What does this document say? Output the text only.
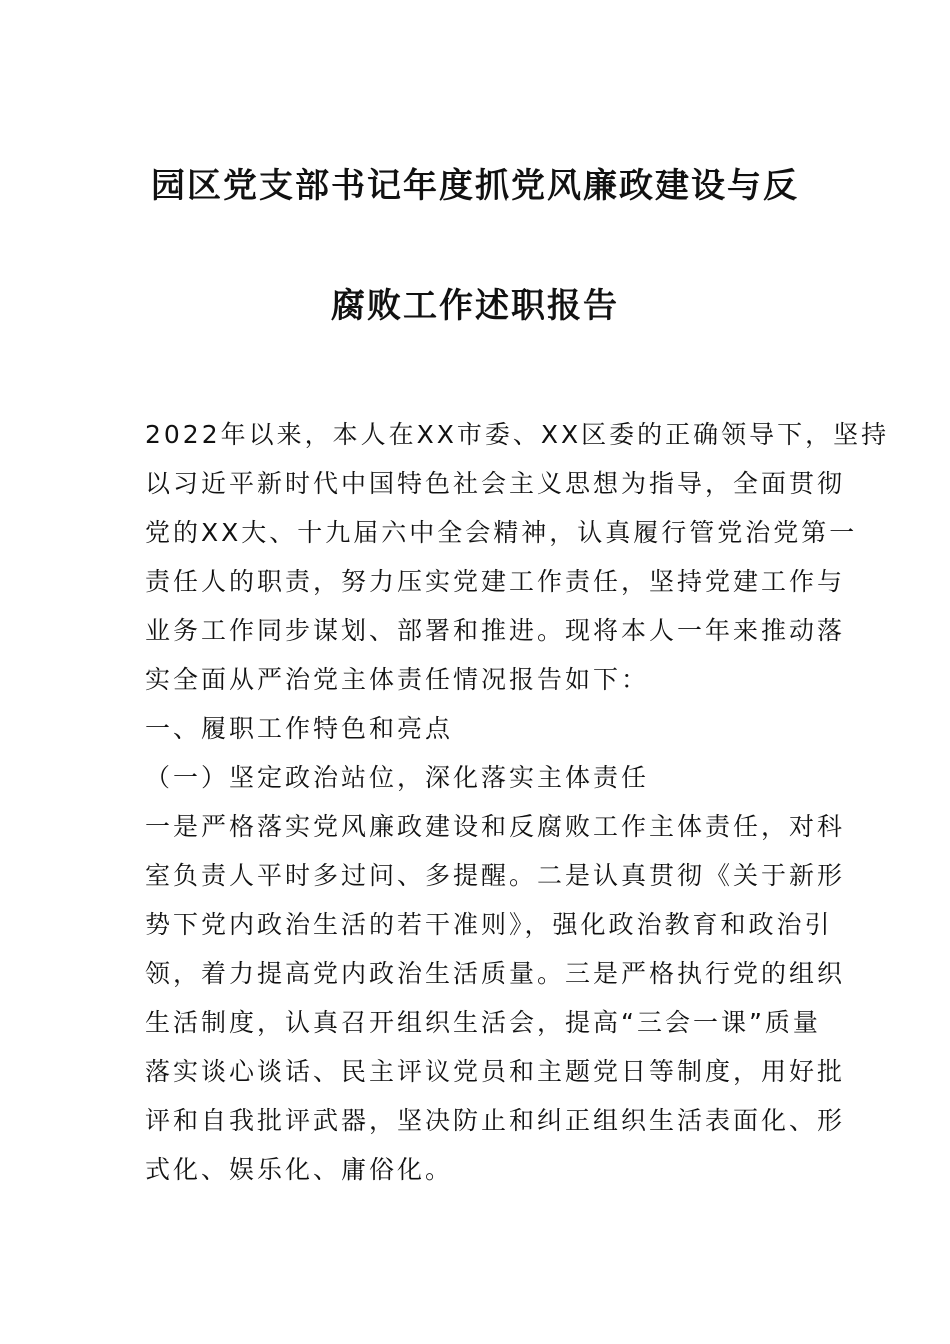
园区党支部书记年度抓党风廉政建设与反
腐败工作述职报告

2022年以来，本人在XX市委、XX区委的正确领导下，坚持

以习近平新时代中国特色社会主义思想为指导，全面贯彻

党的XX大、十九届六中全会精神，认真履行管党治党第一

责任人的职责，努力压实党建工作责任，坚持党建工作与

业务工作同步谋划、部署和推进。现将本人一年来推动落

实全面从严治党主体责任情况报告如下：

一、履职工作特色和亮点

（一）坚定政治站位，深化落实主体责任

一是严格落实党风廉政建设和反腐败工作主体责任，对科

室负责人平时多过问、多提醒。二是认真贯彻《关于新形

势下党内政治生活的若干准则》，强化政治教育和政治引

领，着力提高党内政治生活质量。三是严格执行党的组织

生活制度，认真召开组织生活会，提高“三会一课”质量

落实谈心谈话、民主评议党员和主题党日等制度，用好批

评和自我批评武器，坚决防止和纠正组织生活表面化、形

式化、娱乐化、庸俗化。
